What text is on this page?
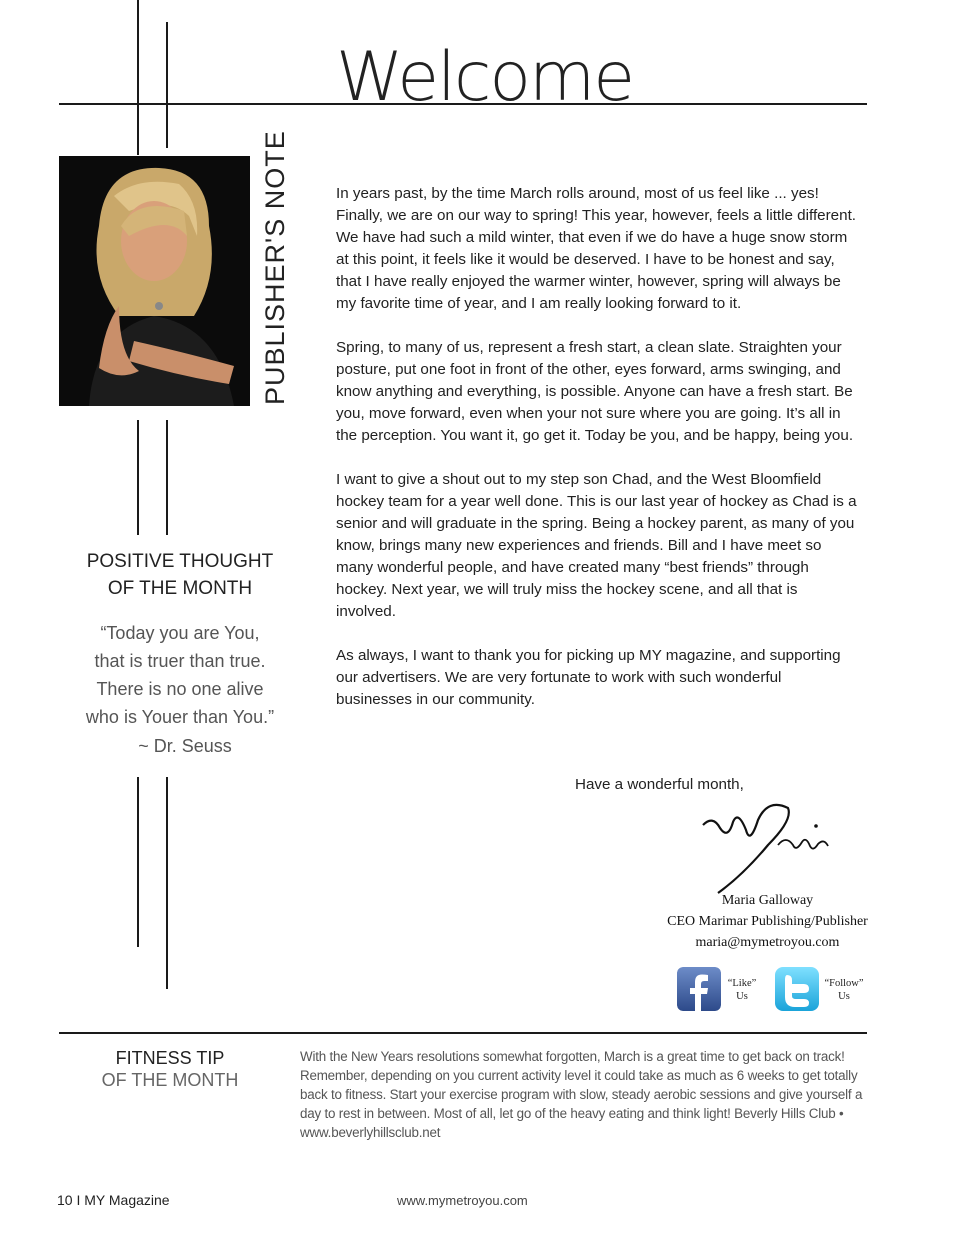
Welcome
PUBLISHER'S NOTE	In years past, by the time March rolls around, most of us feel like ... yes! Finally, we are on our way to spring! This year, however, feels a little different. We have had such a mild winter, that even if we do have a huge snow storm at this point, it feels like it would be deserved. I have to be honest and say, that I have really enjoyed the warmer winter, however, spring will always be my favorite time of year, and I am really looking forward to it.

Spring, to many of us, represent a fresh start, a clean slate. Straighten your posture, put one foot in front of the other, eyes forward, arms swinging, and know anything and everything, is possible. Anyone can have a fresh start. Be you, move forward, even when your not sure where you are going. It’s all in the perception. You want it, go get it. Today be you, and be happy, being you.

I want to give a shout out to my step son Chad, and the West Bloomfield hockey team for a year well done. This is our last year of hockey as Chad is a senior and will graduate in the spring. Being a hockey parent, as many of you know, brings many new experiences and friends. Bill and I have meet so many wonderful people, and have created many “best friends” through hockey. Next year, we will truly miss the hockey scene, and all that is involved.

As always, I want to thank you for picking up MY magazine, and supporting our advertisers. We are very fortunate to work with such wonderful businesses in our community.

POSITIVE THOUGHT
OF THE MONTH
“Today you are You,
that is truer than true.
There is no one alive
who is Youer than You.”
~ Dr. Seuss
Have a wonderful month,
Maria Galloway
CEO Marimar Publishing/Publisher
maria@mymetroyou.com
“Like”
Us
“Follow”
Us
FITNESS TIP
OF THE MONTH
With the New Years resolutions somewhat forgotten, March is a great time to get back on track! Remember, depending on you current activity level it could take as much as 6 weeks to get totally back to fitness. Start your exercise program with slow, steady aerobic sessions and give yourself a day to rest in between. Most of all, let go of the heavy eating and think light! Beverly Hills Club • www.beverlyhillsclub.net
10 I MY Magazine	www.mymetroyou.com
